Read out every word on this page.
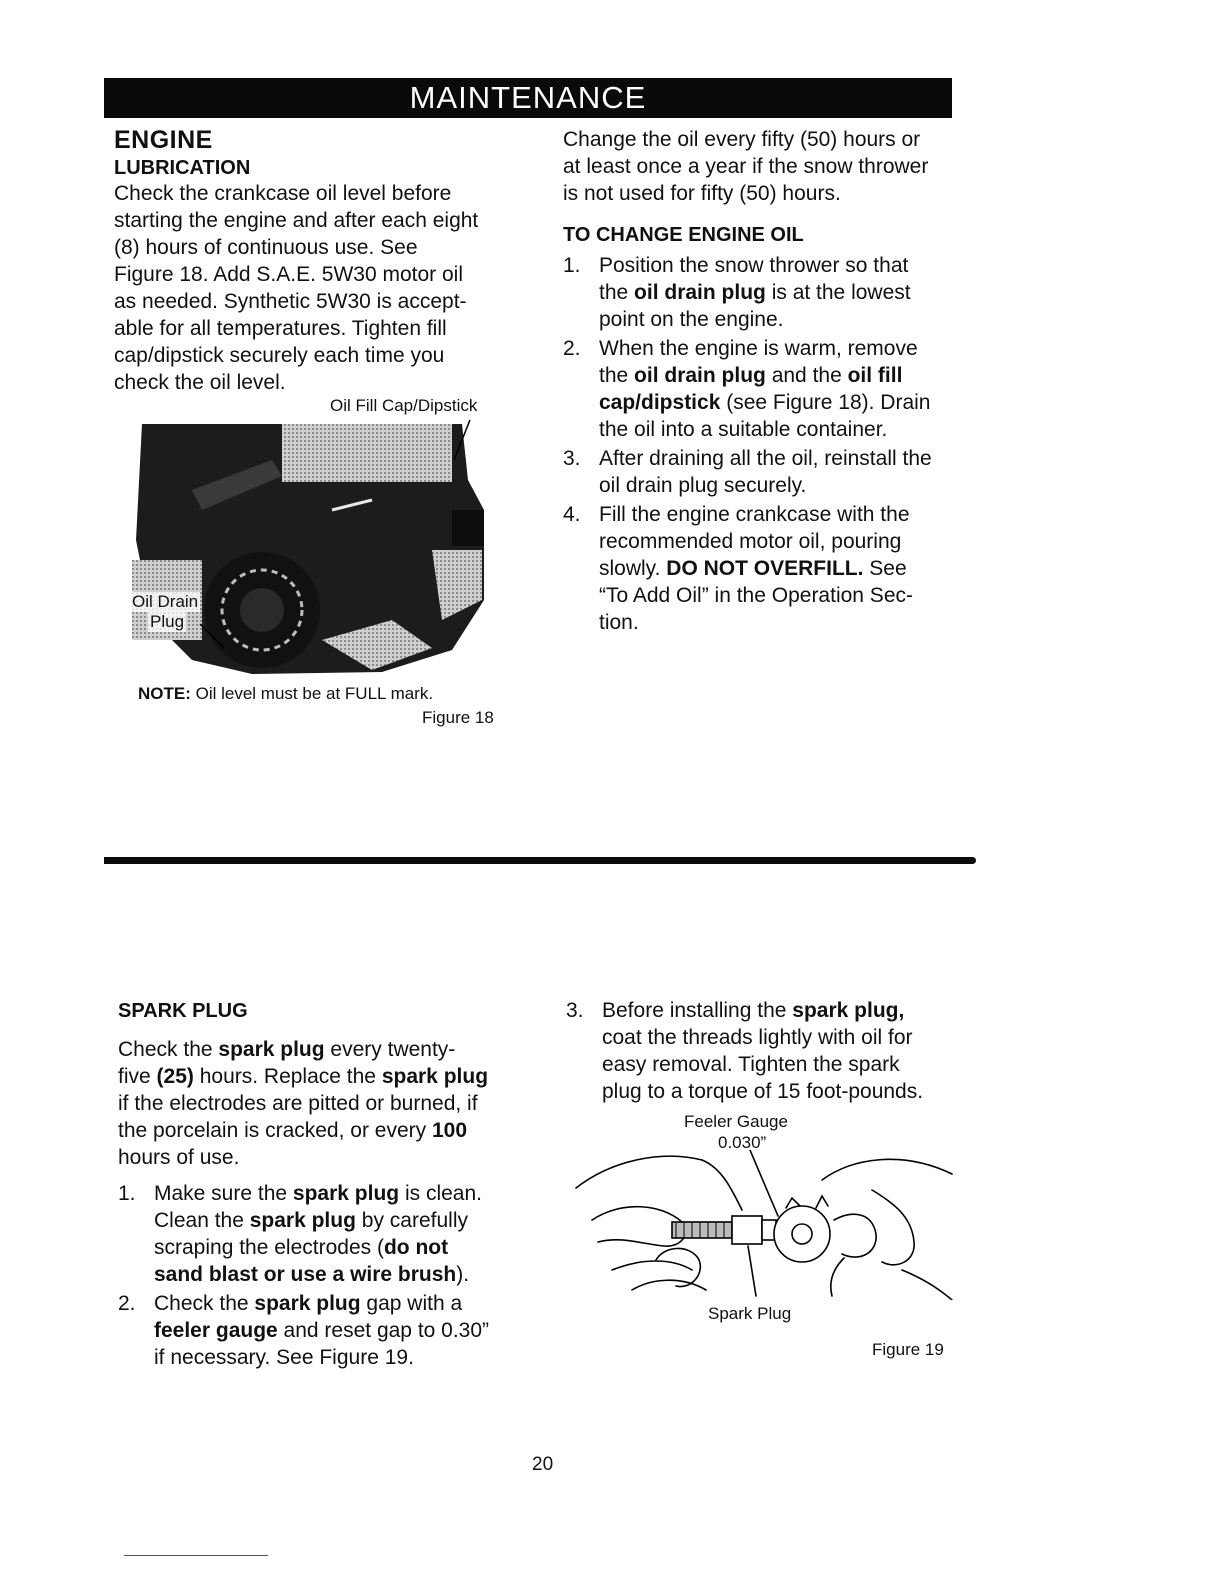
MAINTENANCE
ENGINE
LUBRICATION
Check the crankcase oil level before
starting the engine and after each eight
(8) hours of continuous use. See
Figure 18. Add S.A.E. 5W30 motor oil
as needed. Synthetic 5W30 is accept-
able for all temperatures. Tighten fill
cap/dipstick securely each time you
check the oil level.
Oil Fill Cap/Dipstick
Oil Drain
Plug
NOTE: Oil level must be at FULL mark.
Figure 18
Change the oil every fifty (50) hours or
at least once a year if the snow thrower
is not used for fifty (50) hours.
TO CHANGE ENGINE OIL
1. Position the snow thrower so that
the oil drain plug is at the lowest
point on the engine.
2. When the engine is warm, remove
the oil drain plug and the oil fill
cap/dipstick (see Figure 18). Drain
the oil into a suitable container.
3. After draining all the oil, reinstall the
oil drain plug securely.
4. Fill the engine crankcase with the
recommended motor oil, pouring
slowly. DO NOT OVERFILL. See
“To Add Oil” in the Operation Sec-
tion.
SPARK PLUG
Check the spark plug every twenty-
five (25) hours. Replace the spark plug
if the electrodes are pitted or burned, if
the porcelain is cracked, or every 100
hours of use.
1. Make sure the spark plug is clean.
Clean the spark plug by carefully
scraping the electrodes (do not
sand blast or use a wire brush).
2. Check the spark plug gap with a
feeler gauge and reset gap to 0.30”
if necessary. See Figure 19.
3. Before installing the spark plug,
coat the threads lightly with oil for
easy removal. Tighten the spark
plug to a torque of 15 foot-pounds.
Feeler Gauge
0.030”
Spark Plug
Figure 19
20
